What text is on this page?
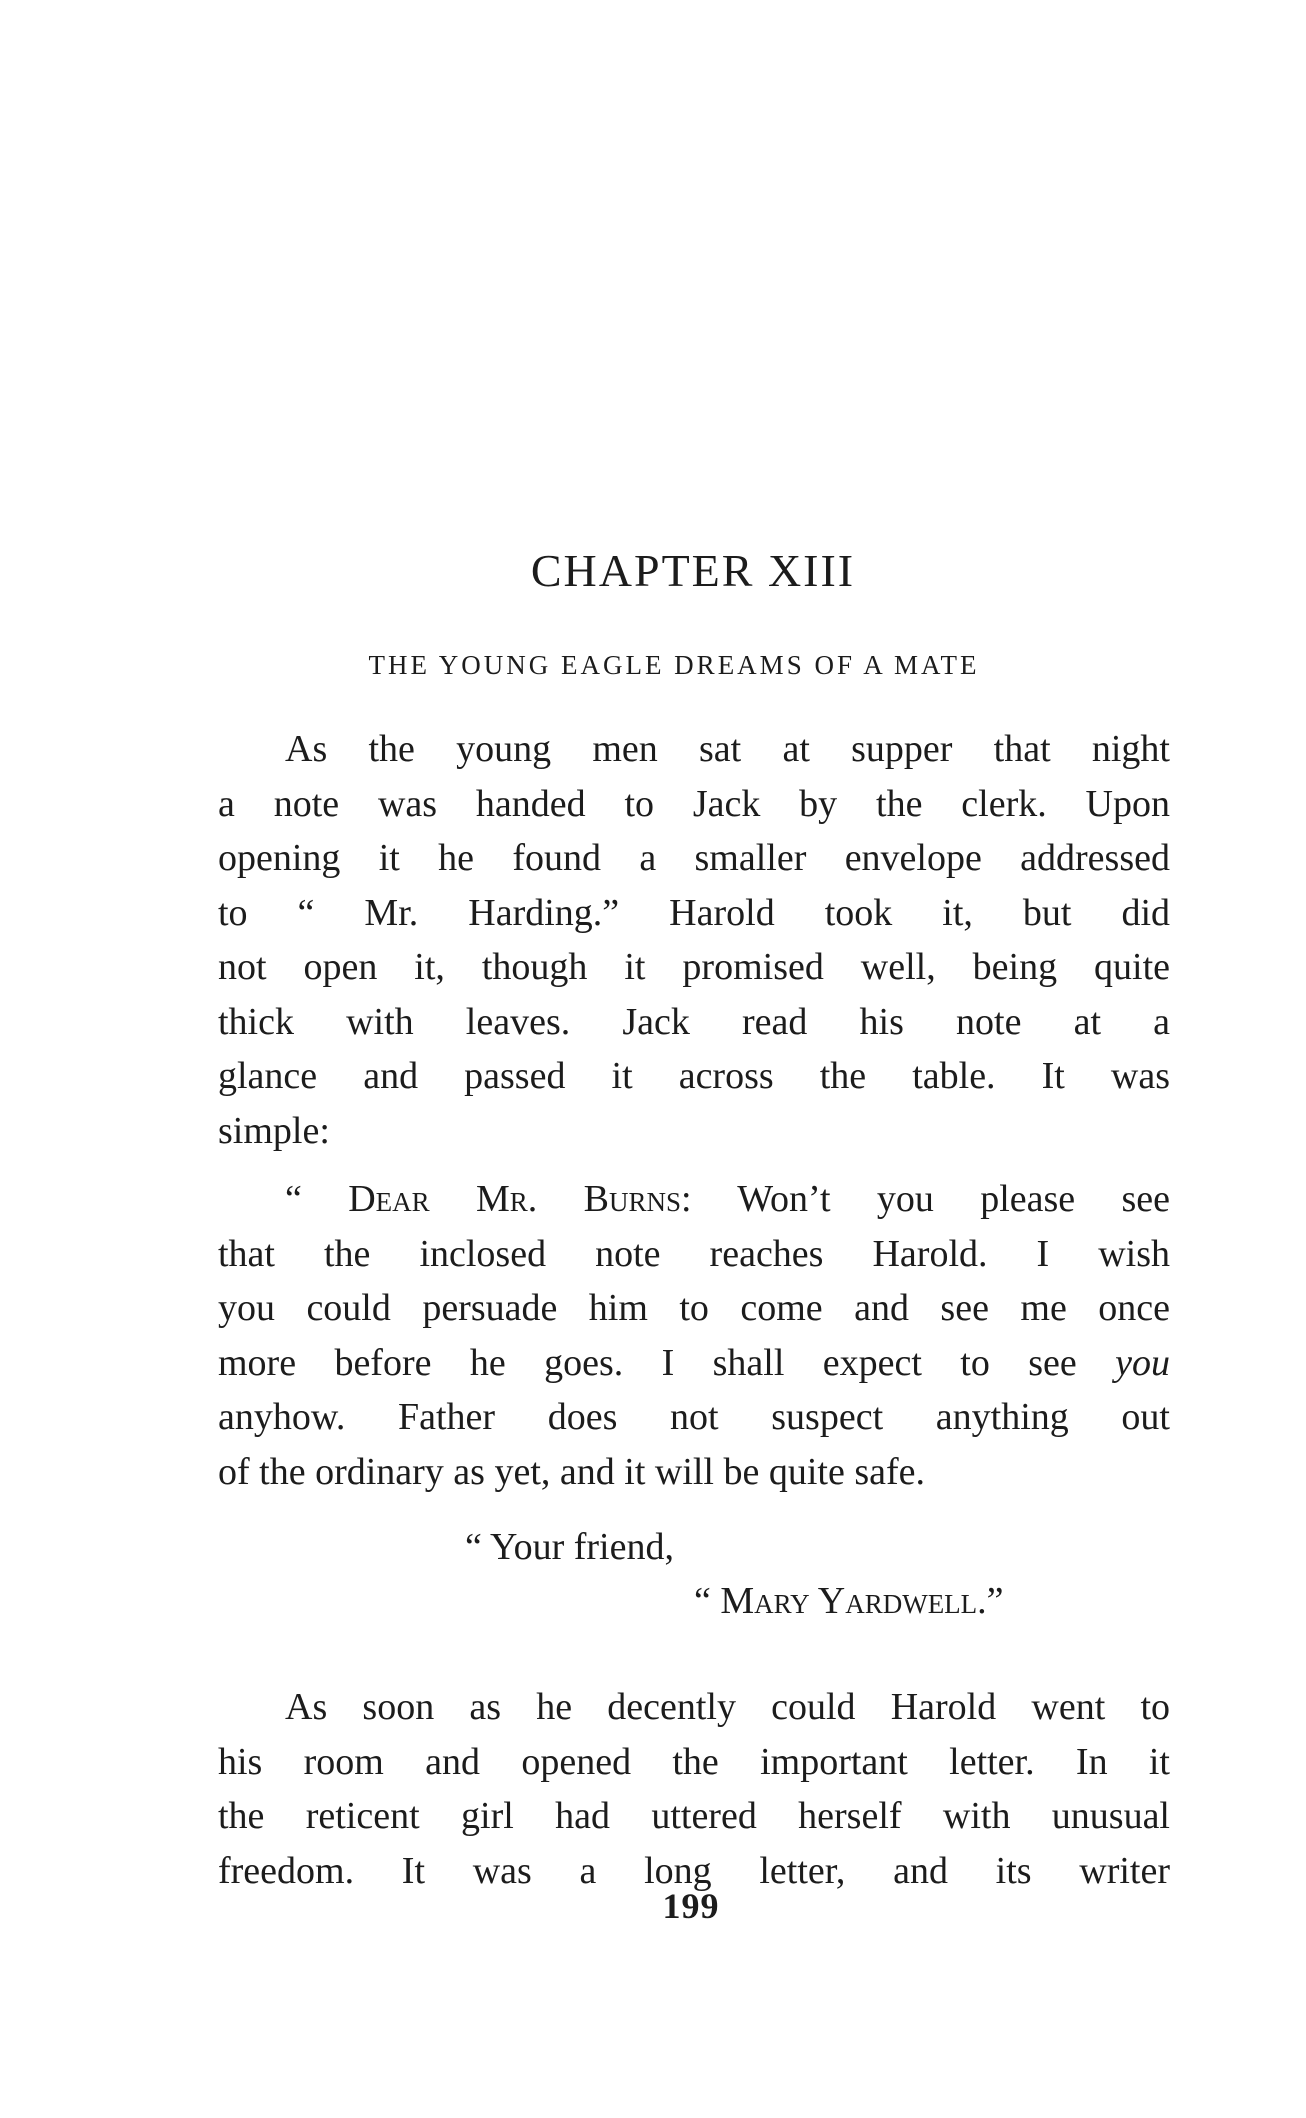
CHAPTER XIII
THE YOUNG EAGLE DREAMS OF A MATE
As the young men sat at supper that night
a note was handed to Jack by the clerk. Upon
opening it he found a smaller envelope addressed
to “ Mr. Harding.” Harold took it, but did
not open it, though it promised well, being quite
thick with leaves. Jack read his note at a
glance and passed it across the table. It was
simple:
“ Dear Mr. Burns: Won’t you please see
that the inclosed note reaches Harold. I wish
you could persuade him to come and see me once
more before he goes. I shall expect to see you
anyhow. Father does not suspect anything out
of the ordinary as yet, and it will be quite safe.
“ Your friend,
“ Mary Yardwell.”
As soon as he decently could Harold went to
his room and opened the important letter. In it
the reticent girl had uttered herself with unusual
freedom. It was a long letter, and its writer
199
